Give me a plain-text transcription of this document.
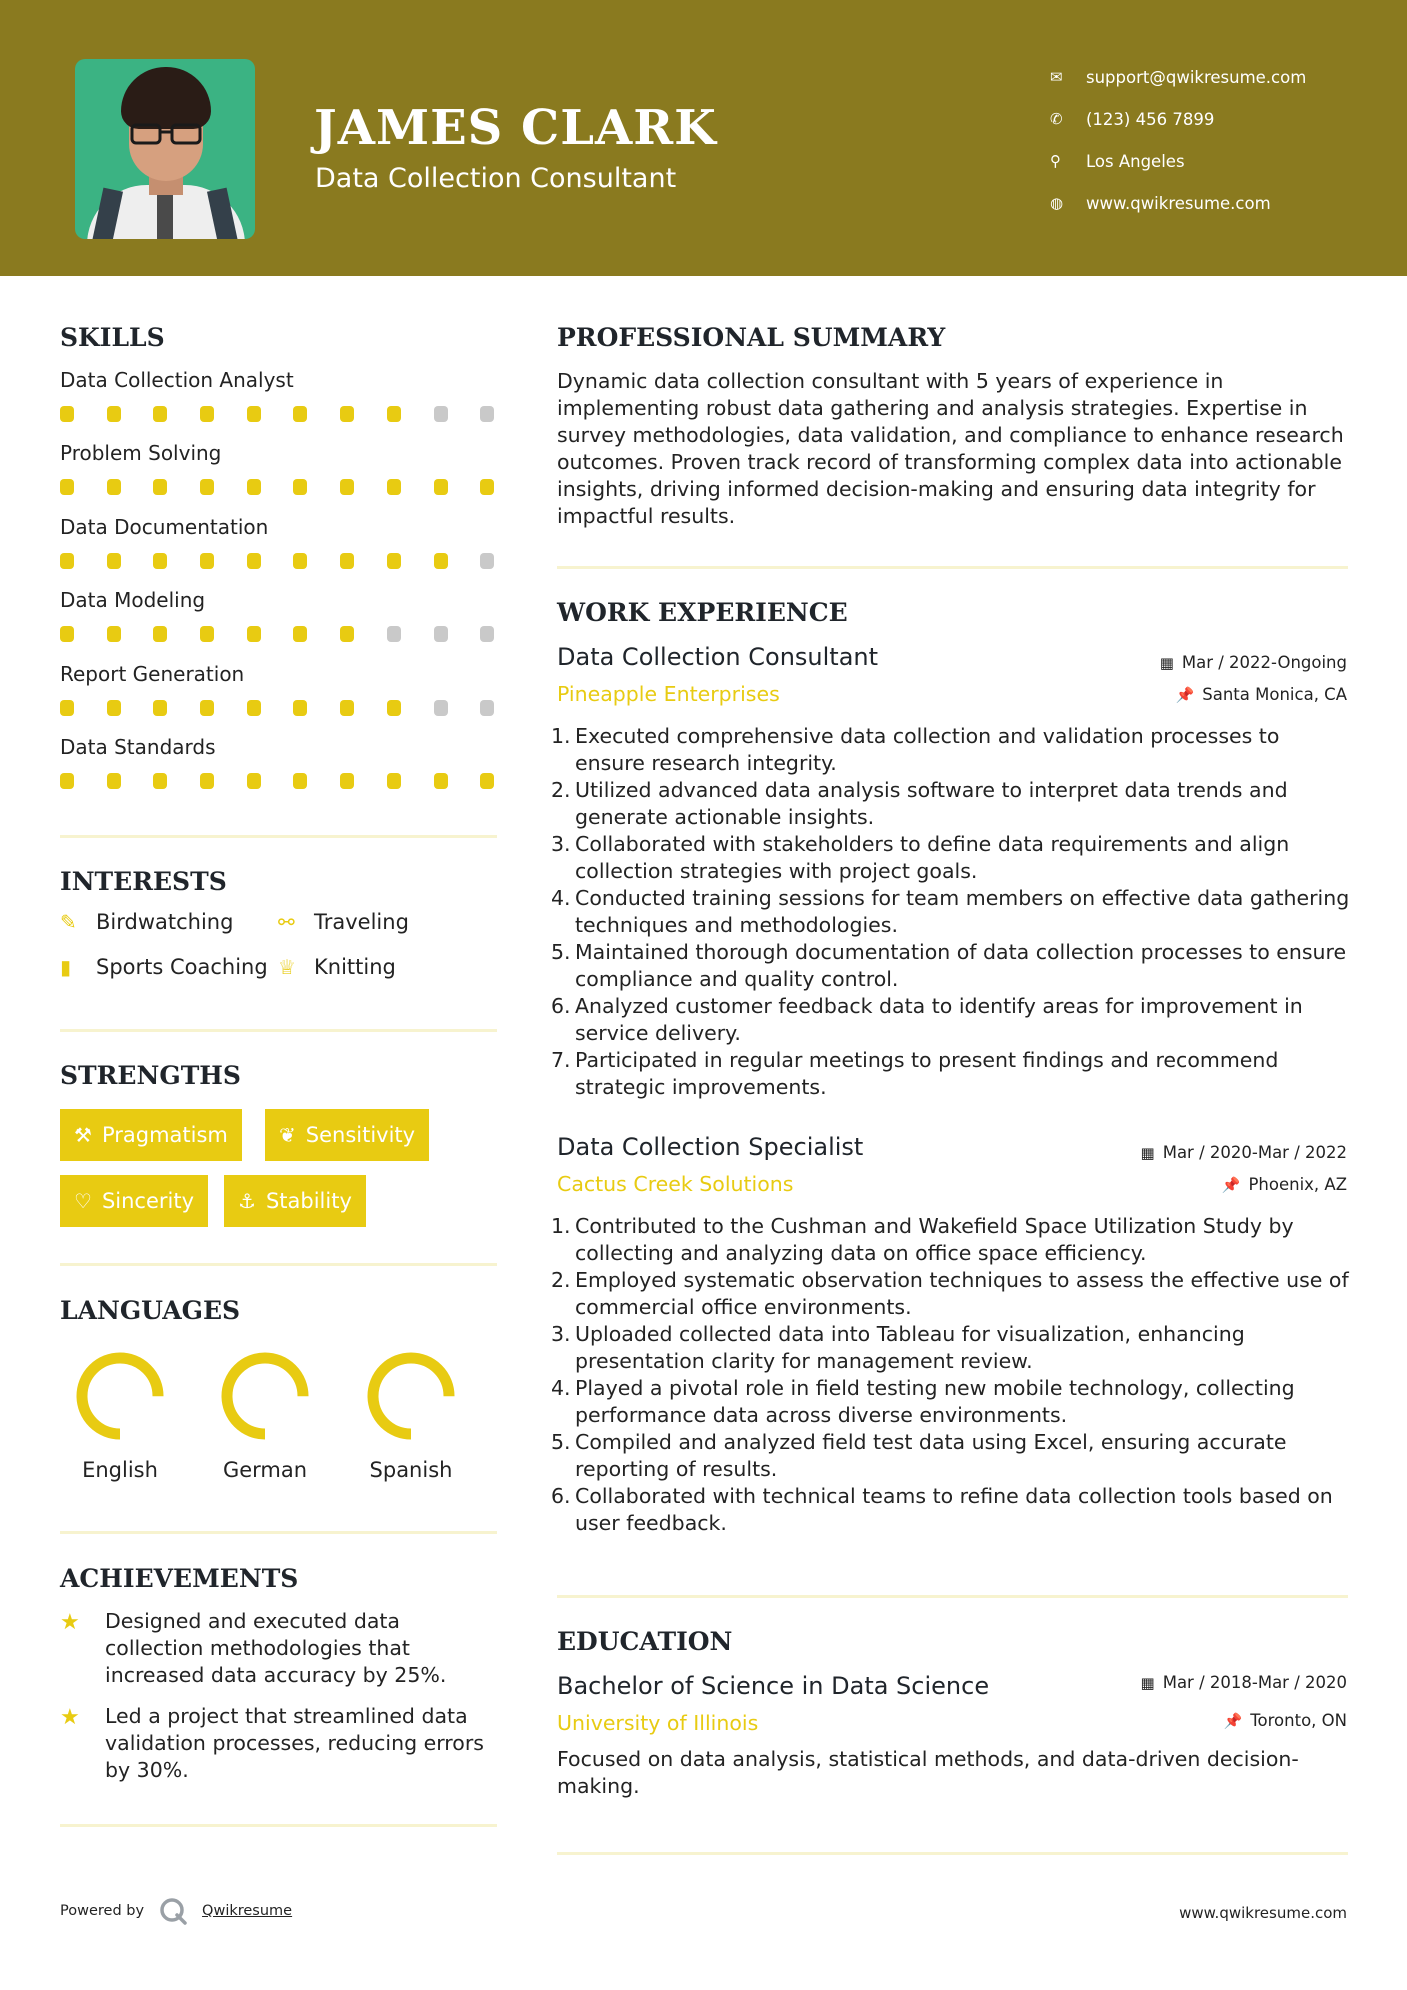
JAMES CLARK
Data Collection Consultant
✉	support@qwikresume.com
✆	(123) 456 7899
⚲	Los Angeles
◍	www.qwikresume.com
SKILLS
Data Collection Analyst
Problem Solving
Data Documentation
Data Modeling
Report Generation
Data Standards
INTERESTS
✎ Birdwatching ⚯ Traveling
▮	Sports Coaching ♕ Knitting
STRENGTHS
⚒ Pragmatism	❦ Sensitivity
♡ Sincerity ⚓ Stability
LANGUAGES
English	German	Spanish
ACHIEVEMENTS
★	Designed and executed data collection methodologies that increased data accuracy by 25%.
★	Led a project that streamlined data validation processes, reducing errors by 30%.
PROFESSIONAL SUMMARY
Dynamic data collection consultant with 5 years of experience in implementing robust data gathering and analysis strategies. Expertise in survey methodologies, data validation, and compliance to enhance research outcomes. Proven track record of transforming complex data into actionable insights, driving informed decision-making and ensuring data integrity for impactful results.
WORK EXPERIENCE
Data Collection Consultant
Pineapple Enterprises
▦ Mar / 2022-Ongoing
📌 Santa Monica, CA
1. Executed comprehensive data collection and validation processes to ensure research integrity.
2. Utilized advanced data analysis software to interpret data trends and generate actionable insights.
3. Collaborated with stakeholders to define data requirements and align collection strategies with project goals.
4. Conducted training sessions for team members on effective data gathering techniques and methodologies.
5. Maintained thorough documentation of data collection processes to ensure compliance and quality control.
6. Analyzed customer feedback data to identify areas for improvement in service delivery.
7. Participated in regular meetings to present findings and recommend strategic improvements.
Data Collection Specialist
Cactus Creek Solutions
▦ Mar / 2020-Mar / 2022
📌 Phoenix, AZ
1. Contributed to the Cushman and Wakefield Space Utilization Study by collecting and analyzing data on office space efficiency.
2. Employed systematic observation techniques to assess the effective use of commercial office environments.
3. Uploaded collected data into Tableau for visualization, enhancing presentation clarity for management review.
4. Played a pivotal role in field testing new mobile technology, collecting performance data across diverse environments.
5. Compiled and analyzed field test data using Excel, ensuring accurate reporting of results.
6. Collaborated with technical teams to refine data collection tools based on user feedback.
EDUCATION
Bachelor of Science in Data Science
University of Illinois
▦ Mar / 2018-Mar / 2020
📌 Toronto, ON
Focused on data analysis, statistical methods, and data-driven decision-making.
Powered by	Qwikresume	www.qwikresume.com
